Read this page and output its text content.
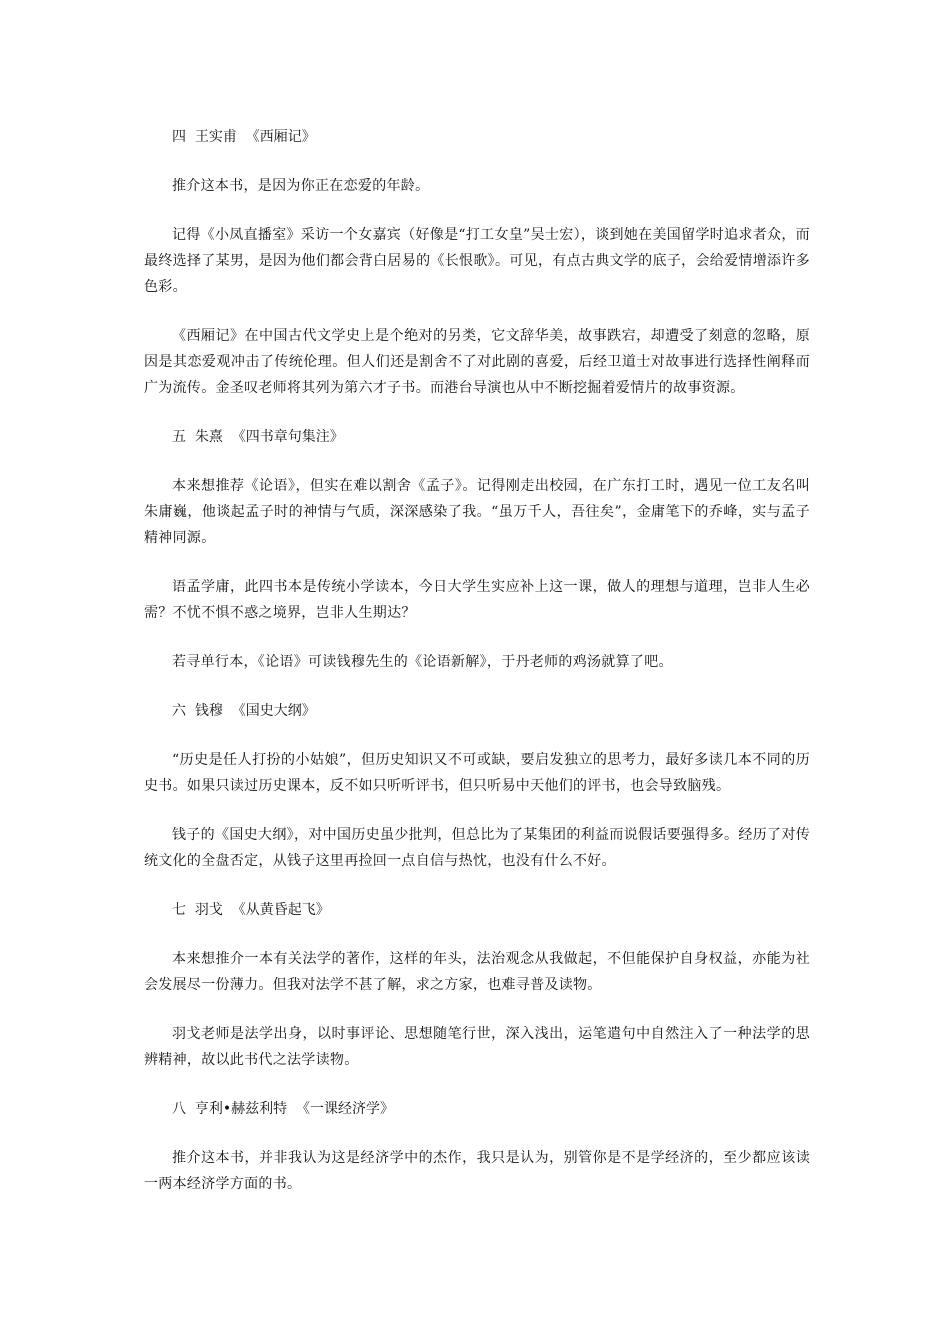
四  王实甫  《西厢记》
推介这本书，是因为你正在恋爱的年龄。
记得《小凤直播室》采访一个女嘉宾（好像是“打工女皇”吴士宏），谈到她在美国留学时追求者众，而最终选择了某男，是因为他们都会背白居易的《长恨歌》。可见，有点古典文学的底子，会给爱情增添许多色彩。
《西厢记》在中国古代文学史上是个绝对的另类，它文辞华美，故事跌宕，却遭受了刻意的忽略，原因是其恋爱观冲击了传统伦理。但人们还是割舍不了对此剧的喜爱，后经卫道士对故事进行选择性阐释而广为流传。金圣叹老师将其列为第六才子书。而港台导演也从中不断挖掘着爱情片的故事资源。
五  朱熹  《四书章句集注》
本来想推荐《论语》，但实在难以割舍《孟子》。记得刚走出校园，在广东打工时，遇见一位工友名叫朱庸巍，他谈起孟子时的神情与气质，深深感染了我。“虽万千人，吾往矣”，金庸笔下的乔峰，实与孟子精神同源。
语孟学庸，此四书本是传统小学读本，今日大学生实应补上这一课，做人的理想与道理，岂非人生必需？不忧不惧不惑之境界，岂非人生期达？
若寻单行本，《论语》可读钱穆先生的《论语新解》，于丹老师的鸡汤就算了吧。
六  钱穆  《国史大纲》
“历史是任人打扮的小姑娘”，但历史知识又不可或缺，要启发独立的思考力，最好多读几本不同的历史书。如果只读过历史课本，反不如只听听评书，但只听易中天他们的评书，也会导致脑残。
钱子的《国史大纲》，对中国历史虽少批判，但总比为了某集团的利益而说假话要强得多。经历了对传统文化的全盘否定，从钱子这里再捡回一点自信与热忱，也没有什么不好。
七  羽戈  《从黄昏起飞》
本来想推介一本有关法学的著作，这样的年头，法治观念从我做起，不但能保护自身权益，亦能为社会发展尽一份薄力。但我对法学不甚了解，求之方家，也难寻普及读物。
羽戈老师是法学出身，以时事评论、思想随笔行世，深入浅出，运笔遣句中自然注入了一种法学的思辨精神，故以此书代之法学读物。
八  亨利•赫兹利特  《一课经济学》
推介这本书，并非我认为这是经济学中的杰作，我只是认为，别管你是不是学经济的，至少都应该读一两本经济学方面的书。
